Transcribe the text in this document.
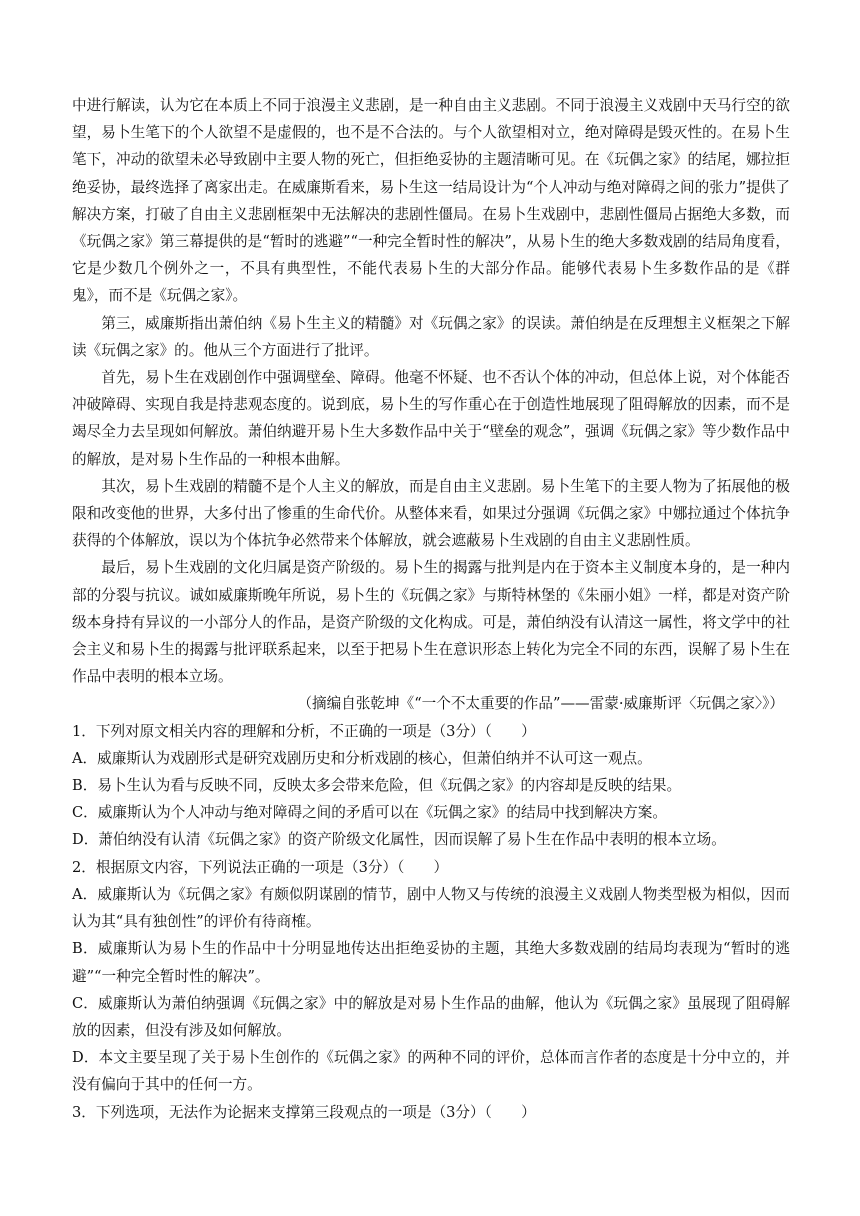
中进行解读，认为它在本质上不同于浪漫主义悲剧，是一种自由主义悲剧。不同于浪漫主义戏剧中天马行空的欲望，易卜生笔下的个人欲望不是虚假的，也不是不合法的。与个人欲望相对立，绝对障碍是毁灭性的。在易卜生笔下，冲动的欲望未必导致剧中主要人物的死亡，但拒绝妥协的主题清晰可见。在《玩偶之家》的结尾，娜拉拒绝妥协，最终选择了离家出走。在威廉斯看来，易卜生这一结局设计为“个人冲动与绝对障碍之间的张力”提供了解决方案，打破了自由主义悲剧框架中无法解决的悲剧性僵局。在易卜生戏剧中，悲剧性僵局占据绝大多数，而《玩偶之家》第三幕提供的是“暂时的逃避”“一种完全暂时性的解决”，从易卜生的绝大多数戏剧的结局角度看，它是少数几个例外之一，不具有典型性，不能代表易卜生的大部分作品。能够代表易卜生多数作品的是《群鬼》，而不是《玩偶之家》。

第三，威廉斯指出萧伯纳《易卜生主义的精髓》对《玩偶之家》的误读。萧伯纳是在反理想主义框架之下解读《玩偶之家》的。他从三个方面进行了批评。

首先，易卜生在戏剧创作中强调壁垒、障碍。他毫不怀疑、也不否认个体的冲动，但总体上说，对个体能否冲破障碍、实现自我是持悲观态度的。说到底，易卜生的写作重心在于创造性地展现了阻碍解放的因素，而不是竭尽全力去呈现如何解放。萧伯纳避开易卜生大多数作品中关于“壁垒的观念”，强调《玩偶之家》等少数作品中的解放，是对易卜生作品的一种根本曲解。

其次，易卜生戏剧的精髓不是个人主义的解放，而是自由主义悲剧。易卜生笔下的主要人物为了拓展他的极限和改变他的世界，大多付出了惨重的生命代价。从整体来看，如果过分强调《玩偶之家》中娜拉通过个体抗争获得的个体解放，误以为个体抗争必然带来个体解放，就会遮蔽易卜生戏剧的自由主义悲剧性质。

最后，易卜生戏剧的文化归属是资产阶级的。易卜生的揭露与批判是内在于资本主义制度本身的，是一种内部的分裂与抗议。诚如威廉斯晚年所说，易卜生的《玩偶之家》与斯特林堡的《朱丽小姐》一样，都是对资产阶级本身持有异议的一小部分人的作品，是资产阶级的文化构成。可是，萧伯纳没有认清这一属性，将文学中的社会主义和易卜生的揭露与批评联系起来，以至于把易卜生在意识形态上转化为完全不同的东西，误解了易卜生在作品中表明的根本立场。

（摘编自张乾坤《“一个不太重要的作品”——雷蒙·威廉斯评〈玩偶之家〉》）

1．下列对原文相关内容的理解和分析，不正确的一项是（3分）（　　）

A．威廉斯认为戏剧形式是研究戏剧历史和分析戏剧的核心，但萧伯纳并不认可这一观点。

B．易卜生认为看与反映不同，反映太多会带来危险，但《玩偶之家》的内容却是反映的结果。

C．威廉斯认为个人冲动与绝对障碍之间的矛盾可以在《玩偶之家》的结局中找到解决方案。

D．萧伯纳没有认清《玩偶之家》的资产阶级文化属性，因而误解了易卜生在作品中表明的根本立场。

2．根据原文内容，下列说法正确的一项是（3分）（　　）

A．威廉斯认为《玩偶之家》有颇似阴谋剧的情节，剧中人物又与传统的浪漫主义戏剧人物类型极为相似，因而认为其“具有独创性”的评价有待商榷。

B．威廉斯认为易卜生的作品中十分明显地传达出拒绝妥协的主题，其绝大多数戏剧的结局均表现为“暂时的逃避”“一种完全暂时性的解决”。

C．威廉斯认为萧伯纳强调《玩偶之家》中的解放是对易卜生作品的曲解，他认为《玩偶之家》虽展现了阻碍解放的因素，但没有涉及如何解放。

D．本文主要呈现了关于易卜生创作的《玩偶之家》的两种不同的评价，总体而言作者的态度是十分中立的，并没有偏向于其中的任何一方。

3．下列选项，无法作为论据来支撑第三段观点的一项是（3分）（　　）
